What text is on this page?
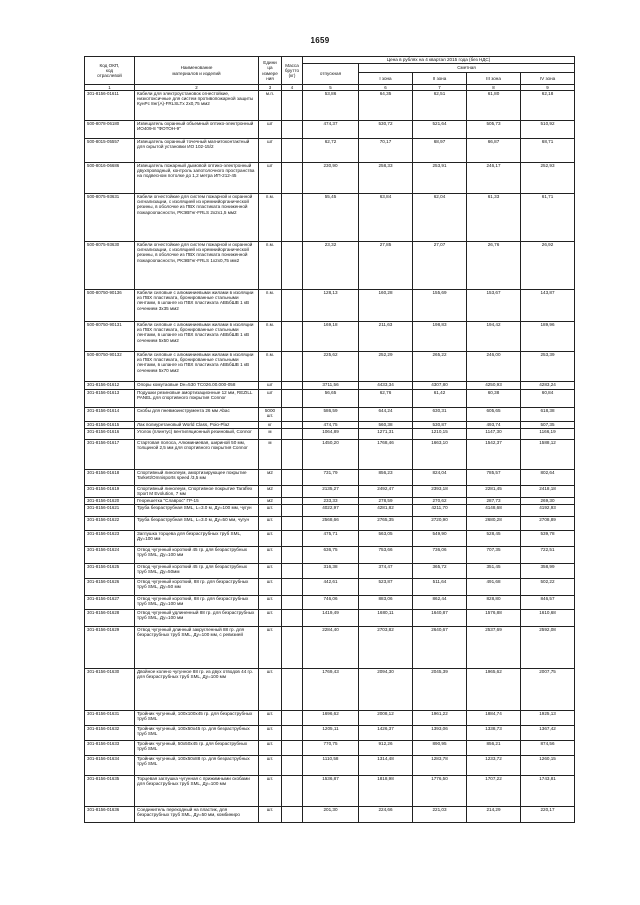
1659
Код ОКП,
код
отраслевой	Наименование
материалов и изделий	Едини
ца
измере
ния	Масса
брутто
(кг)	Цена в рублях на 4 квартал 2015 года (без НДС)				
				отпускная	Сметная			
					I зона	II зона	III зона	IV зона
1	2	3	4	5	6	7	8	9
301-8156-01611	Кабели для электроустановок огнестойкие, низкотоксичные для систем противопожарной защиты КунРс 8нг(А)-FRLSLTx 2х0,75 мм2	м.п.		53,86	64,35	62,51	61,80	62,18
500-8078-06180	Извещатель охранный объемный оптико-электронный ИО409-8 "ФОТОН-9"	шт		474,37	530,72	521,64	505,73	510,92
500-8015-05557	Извещатель охранный точечный магнитоконтактный для скрытой установки ИО 102-15/2	шт		62,72	70,17	68,97	66,87	68,71
500-8016-06686	Извещатель пожарный дымовой оптико-электронный двухпроводный, контроль запотолочного пространства на подвесном потолке до 1,2 метра ИП-212-45	шт		230,90	258,33	253,91	246,17	252,93
500-8075-93631	Кабели огнестойкие для систем пожарной и охранной сигнализации, с изоляцией из кремнийорганической резины, в оболочке из ПВХ пластиката пониженной пожароопасности, РКЭВГнг-FRLS 2х2х1,5 мм2	п.м.		55,45	63,84	62,04	61,33	61,71
500-8075-93630	Кабели огнестойкие для систем пожарной и охранной сигнализации, с изоляцией из кремнийорганической резины, в оболочке из ПВХ пластиката пониженной пожароопасности, РКЭВГнг-FRLS 1х2х0,75 мм2	п.м.		23,32	27,85	27,07	26,76	26,92
500-80750-90136	Кабели силовые с алюминиевыми жилами в изоляции из ПВХ пластиката, бронированные стальными лентами, в шланге из ПВХ пластиката АВБбШВ 1 кВ сечением 3х35 мм2	п.м.		128,13	160,28	155,69	153,67	143,87
500-80750-90131	Кабели силовые с алюминиевыми жилами в изоляции из ПВХ пластиката, бронированные стальными лентами, в шланге из ПВХ пластиката АВБбШВ 1 кВ сечением 5х50 мм2	п.м.		169,18	211,63	198,83	194,42	189,96
500-80750-90132	Кабели силовые с алюминиевыми жилами в изоляции из ПВХ пластиката, бронированные стальными лентами, в шланге из ПВХ пластиката АВБбШВ 1 кВ сечением 5х70 мм2	п.м.		225,62	252,29	265,22	246,00	253,39
301-8156-01612	Опоры комутаовые Dн=530 ТС026.00.000-058	шт		3711,56	4433,34	4307,80	4250,93	4283,24
301-8156-01613	Подушки резиновые амортизационные 12 мм, REZILL PANEL для спортивного покрытия Connor	шт		56,65	62,76	61,42	60,38	60,84
301-8156-01614	Скобы для пневмоинструмента 26 мм Abac	5000 шт.		586,59	644,24	630,31	605,65	618,38
301-8156-01615	Лак полиуретановый World Class, Poio-Plaz	кг		474,75	560,38	530,87	493,74	507,35
301-8156-01616	Уголок (плинтус) вентиляционный резиновый, Connor	м		1064,89	1271,31	1210,15	1147,30	1166,19
301-8156-01617	Стартовая полоса, Алюминиевая, шириной 50 мм, толщиной 2,5 мм для спортивного покрытия Connor	м		1450,20	1768,46	1663,10	1542,37	1588,12
301-8156-01618	Спортивный линолеум, амортизирующее покрытие Tarkett/Omnisports speed /3,5 мм	м2		731,79	856,23	824,04	785,57	802,64
301-8156-01619	Спортивный линолеум, Спортивное покрытие Taraflex Sport M Evolution, 7 мм	м2		2135,27	2492,47	2393,18	2281,45	2418,18
301-8156-01620	Георешетка "Славрос" ГР-15	м2		233,33	278,59	270,62	287,73	269,30
301-8156-01621	Труба безраструбная SML, L=3.0 м, Ду=100 мм, чугун	шт.		4022,97	4281,82	4211,70	4148,68	4192,93
301-8156-01622	Труба безраструбная SML, L=3.0 м, Ду=50 мм, чугун	шт.		2568,66	2765,35	2720,90	2680,28	2708,89
301-8156-01623	Заглушка торцева для безраструбных труб SML, Ду=100 мм	шт.		475,71	563,05	549,90	528,45	539,78
301-8156-01624	Отвод чугунный короткий 45 гр. для безраструбных труб SML, Ду=100 мм	шт.		636,75	753,66	736,06	707,35	722,51
301-8156-01625	Отвод чугунный короткий 45 гр. для безраструбных труб SML, Ду=50мм	шт.		316,38	374,47	365,72	351,45	358,99
301-8156-01626	Отвод чугунный короткий, 88 гр. для безраструбных труб SML, Ду=50 мм	шт.		442,61	523,87	511,64	491,68	502,22
301-8156-01627	Отвод чугунный короткий, 88 гр. для безраструбных труб SML, Ду=100 мм	шт.		746,06	883,06	862,44	828,80	846,57
301-8156-01628	Отвод чугунный удлиненный 88 гр. для безраструбных труб SML, Ду=100 мм	шт.		1419,49	1680,11	1640,87	1576,88	1610,68
301-8156-01629	Отвод чугунный длинный закругленный 88 гр. для безраструбных труб SML, Ду=100 мм, с ревизией	шт.		2284,40	2703,82	2640,67	2537,69	2592,08
301-8156-01630	Двойное колено чугунное 88 гр. из двух отводов 44 гр. для безраструбных труб SML, Ду=100 мм	шт.		1769,43	2094,30	2045,39	1965,62	2007,75
301-8156-01631	Тройник чугунный, 100х100х45 гр. для безраструбных труб SML	шт.		1696,62	2008,12	1961,22	1884,74	1925,13
301-8156-01632	Тройник чугунный, 100х50х45 гр. для безраструбных труб SML	шт.		1205,11	1426,37	1393,06	1338,73	1367,42
301-8156-01633	Тройник чугунный, 50х50х45 гр. для безраструбных труб SML	шт.		770,75	912,26	890,95	856,21	874,56
301-8156-01634	Тройник чугунный, 100х50х88 гр. для безраструбных труб SML	шт.		1110,58	1314,48	1283,78	1233,72	1260,15
301-8156-01635	Торцевая заглушка чугунная с прижимными скобами для безраструбных труб SML, Ду=100 мм	шт.		1536,87	1818,98	1776,50	1707,22	1743,81
301-8156-01636	Соединитель переходный на пластик, для безраструбных труб SML, Ду=50 мм, комбиниро	шт.		201,30	224,66	221,03	214,29	220,17
